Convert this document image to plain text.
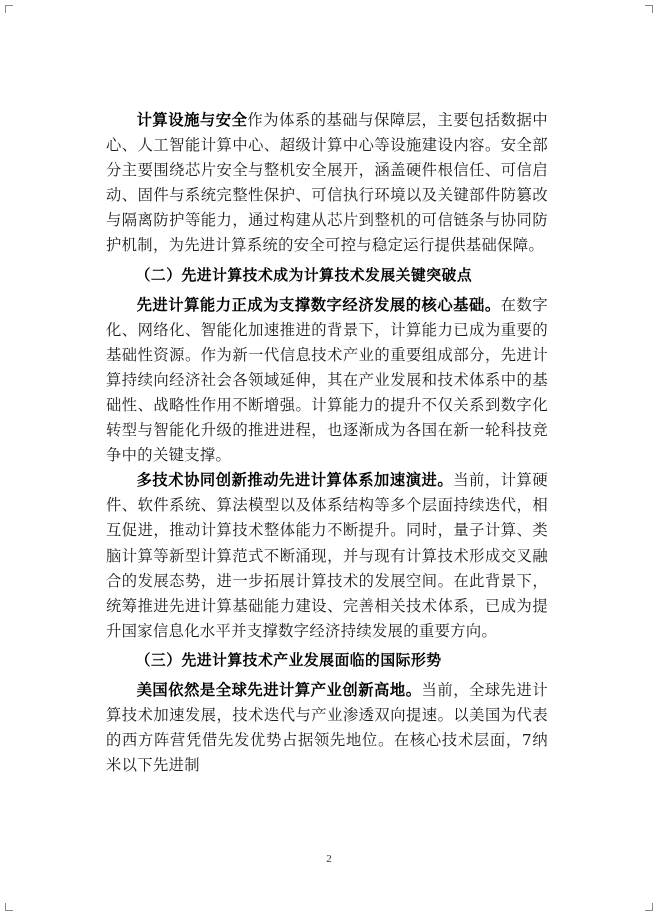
计算设施与安全作为体系的基础与保障层，主要包括数据中心、人工智能计算中心、超级计算中心等设施建设内容。安全部分主要围绕芯片安全与整机安全展开，涵盖硬件根信任、可信启动、固件与系统完整性保护、可信执行环境以及关键部件防篡改与隔离防护等能力，通过构建从芯片到整机的可信链条与协同防护机制，为先进计算系统的安全可控与稳定运行提供基础保障。

（二）先进计算技术成为计算技术发展关键突破点

先进计算能力正成为支撑数字经济发展的核心基础。在数字化、网络化、智能化加速推进的背景下，计算能力已成为重要的基础性资源。作为新一代信息技术产业的重要组成部分，先进计算持续向经济社会各领域延伸，其在产业发展和技术体系中的基础性、战略性作用不断增强。计算能力的提升不仅关系到数字化转型与智能化升级的推进进程，也逐渐成为各国在新一轮科技竞争中的关键支撑。

多技术协同创新推动先进计算体系加速演进。当前，计算硬件、软件系统、算法模型以及体系结构等多个层面持续迭代，相互促进，推动计算技术整体能力不断提升。同时，量子计算、类脑计算等新型计算范式不断涌现，并与现有计算技术形成交叉融合的发展态势，进一步拓展计算技术的发展空间。在此背景下，统筹推进先进计算基础能力建设、完善相关技术体系，已成为提升国家信息化水平并支撑数字经济持续发展的重要方向。

（三）先进计算技术产业发展面临的国际形势

美国依然是全球先进计算产业创新高地。当前，全球先进计算技术加速发展，技术迭代与产业渗透双向提速。以美国为代表的西方阵营凭借先发优势占据领先地位。在核心技术层面，7纳米以下先进制

2
